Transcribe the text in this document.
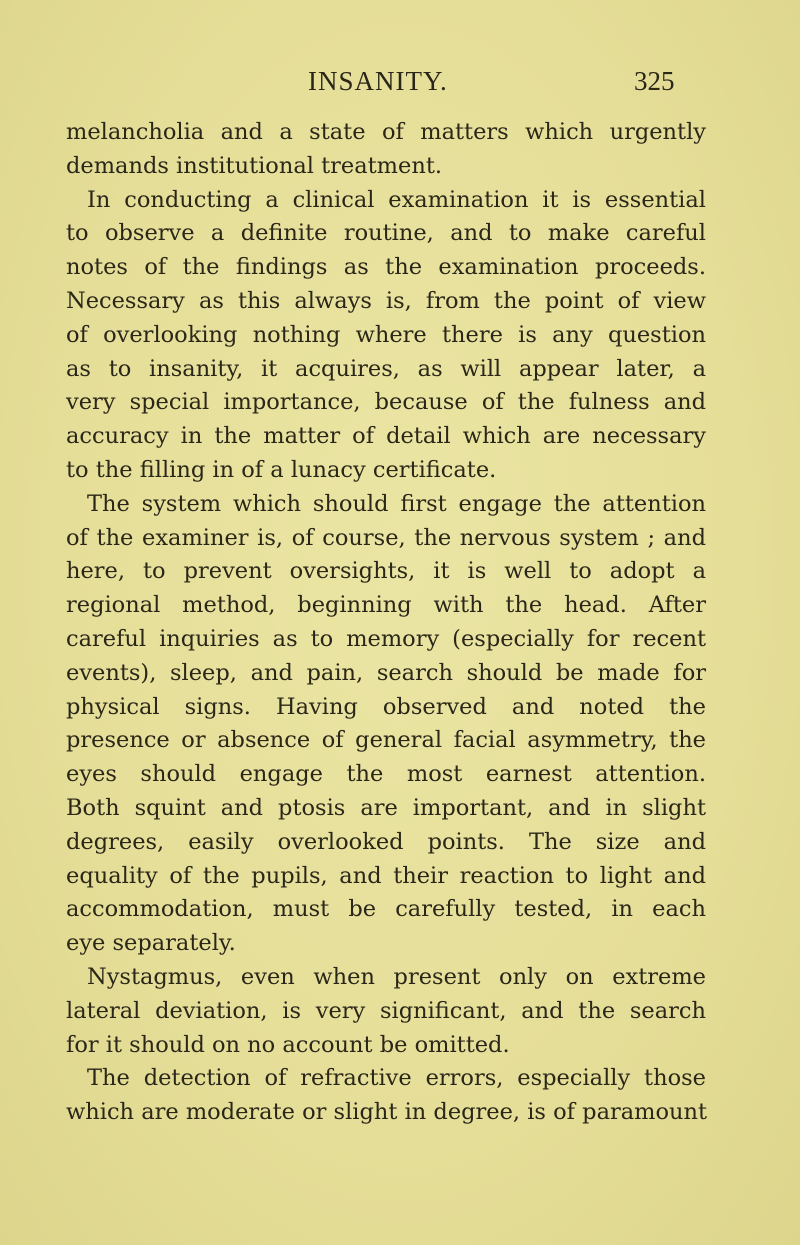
INSANITY.	325
melancholia and a state of matters which urgently
demands institutional treatment.
In conducting a clinical examination it is essential
to observe a definite routine, and to make careful
notes of the findings as the examination proceeds.
Necessary as this always is, from the point of view
of overlooking nothing where there is any question
as to insanity, it acquires, as will appear later, a
very special importance, because of the fulness and
accuracy in the matter of detail which are necessary
to the filling in of a lunacy certificate.
The system which should first engage the attention
of the examiner is, of course, the nervous system ; and
here, to prevent oversights, it is well to adopt a
regional method, beginning with the head. After
careful inquiries as to memory (especially for recent
events), sleep, and pain, search should be made for
physical signs. Having observed and noted the
presence or absence of general facial asymmetry, the
eyes should engage the most earnest attention.
Both squint and ptosis are important, and in slight
degrees, easily overlooked points. The size and
equality of the pupils, and their reaction to light and
accommodation, must be carefully tested, in each
eye separately.
Nystagmus, even when present only on extreme
lateral deviation, is very significant, and the search
for it should on no account be omitted.
The detection of refractive errors, especially those
which are moderate or slight in degree, is of paramount
